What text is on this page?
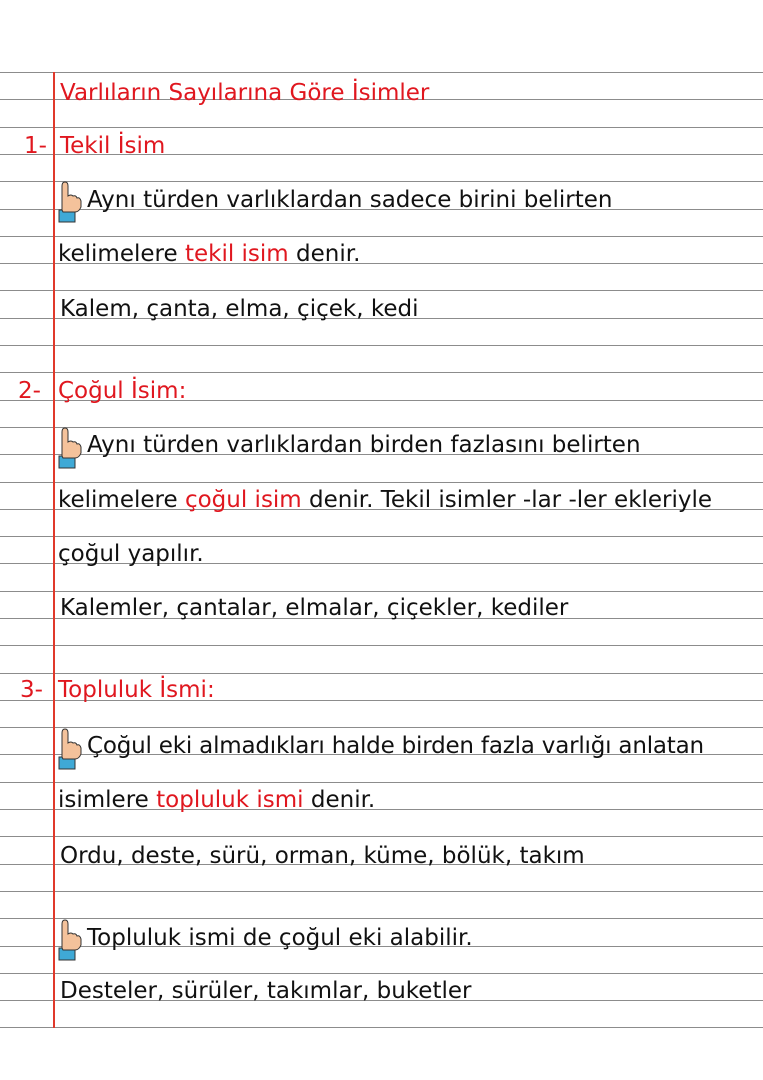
Varlıların Sayılarına Göre İsimler
1- Tekil İsim
Aynı türden varlıklardan sadece birini belirten
kelimelere tekil isim denir.
Kalem, çanta, elma, çiçek, kedi
2- Çoğul İsim:
Aynı türden varlıklardan birden fazlasını belirten
kelimelere çoğul isim denir. Tekil isimler -lar -ler ekleriyle
çoğul yapılır.
Kalemler, çantalar, elmalar, çiçekler, kediler
3- Topluluk İsmi:
Çoğul eki almadıkları halde birden fazla varlığı anlatan
isimlere topluluk ismi denir.
Ordu, deste, sürü, orman, küme, bölük, takım
Topluluk ismi de çoğul eki alabilir.
Desteler, sürüler, takımlar, buketler
